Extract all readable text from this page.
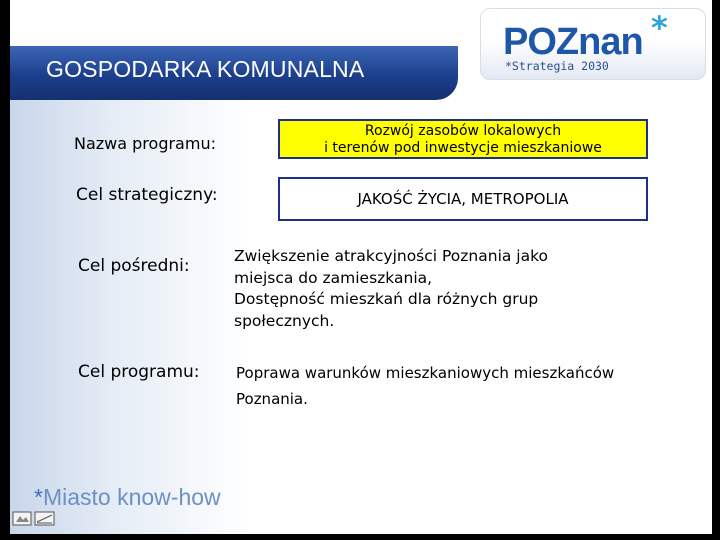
GOSPODARKA KOMUNALNA
POZnan *
*Strategia 2030
Nazwa programu:
Rozwój zasobów lokalowych
i terenów pod inwestycje mieszkaniowe
Cel strategiczny:	JAKOŚĆ ŻYCIA, METROPOLIA
Cel pośredni:	Zwiększenie atrakcyjności Poznania jako
miejsca do zamieszkania,
Dostępność mieszkań dla różnych grup
społecznych.
Cel programu: Poprawa warunków mieszkaniowych mieszkańców
Poznania.
*Miasto know-how
